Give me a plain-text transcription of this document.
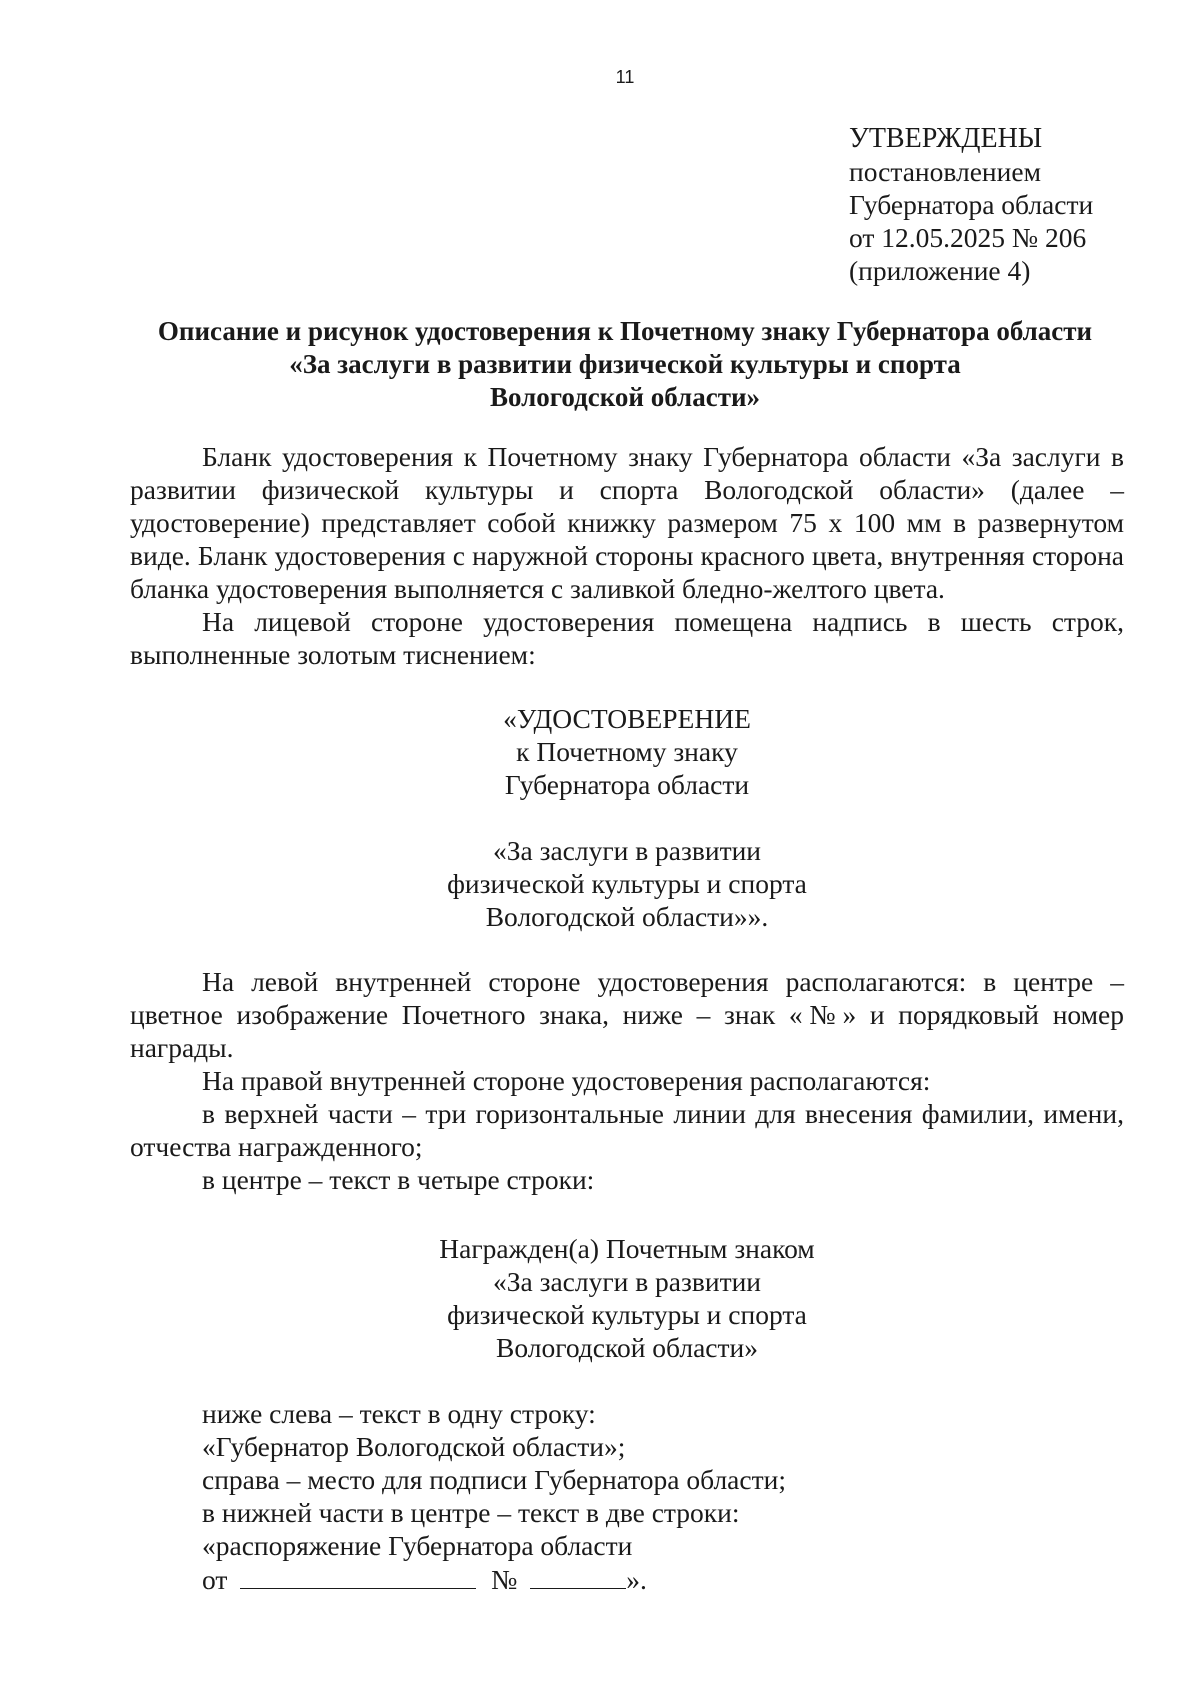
11
УТВЕРЖДЕНЫ
постановлением
Губернатора области
от 12.05.2025 № 206
(приложение 4)
Описание и рисунок удостоверения к Почетному знаку Губернатора области
«За заслуги в развитии физической культуры и спорта
Вологодской области»

Бланк удостоверения к Почетному знаку Губернатора области «За заслуги в развитии физической культуры и спорта Вологодской области» (далее – удостоверение) представляет собой книжку размером 75 х 100 мм в развернутом виде. Бланк удостоверения с наружной стороны красного цвета, внутренняя сторона бланка удостоверения выполняется с заливкой бледно-желтого цвета.

На лицевой стороне удостоверения помещена надпись в шесть строк, выполненные золотым тиснением:

«УДОСТОВЕРЕНИЕ
к Почетному знаку
Губернатора области
«За заслуги в развитии
физической культуры и спорта
Вологодской области»».

На левой внутренней стороне удостоверения располагаются: в центре – цветное изображение Почетного знака, ниже – знак «№» и порядковый номер награды.

На правой внутренней стороне удостоверения располагаются:

в верхней части – три горизонтальные линии для внесения фамилии, имени, отчества награжденного;

в центре – текст в четыре строки:

Награжден(а) Почетным знаком
«За заслуги в развитии
физической культуры и спорта
Вологодской области»
ниже слева – текст в одну строку:
«Губернатор Вологодской области»;
справа – место для подписи Губернатора области;
в нижней части в центре – текст в две строки:
«распоряжение Губернатора области
от	№	».
